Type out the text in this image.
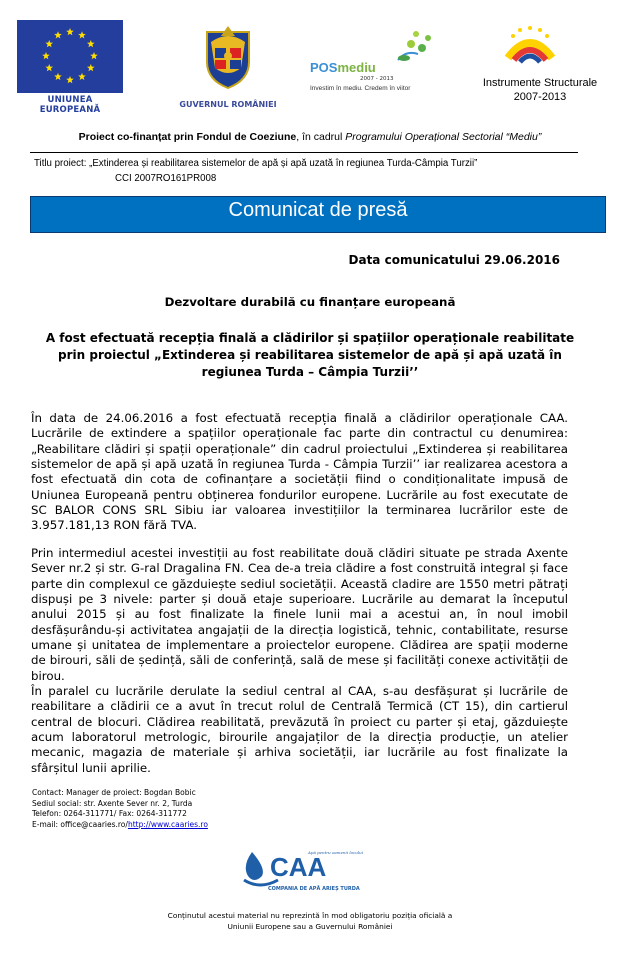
UNIUNEA EUROPEANĂ
GUVERNUL ROMÂNIEI
POSmediu
2007 - 2013
Investim în mediu. Credem în viitor	Instrumente Structurale
2007-2013
Proiect co-finanțat prin Fondul de Coeziune, în cadrul Programului Operațional Sectorial “Mediu”
Titlu proiect: „Extinderea și reabilitarea sistemelor de apă și apă uzată în regiunea Turda-Câmpia Turzii”
CCI 2007RO161PR008
Comunicat de presă
Data comunicatului 29.06.2016
Dezvoltare durabilă cu finanțare europeană
A fost efectuată recepția finală a clădirilor și spațiilor operaționale reabilitate prin proiectul „Extinderea și reabilitarea sistemelor de apă și apă uzată în regiunea Turda – Câmpia Turzii’’
În data de 24.06.2016 a fost efectuată recepția finală a clădirilor operaționale CAA. Lucrările de extindere a spațiilor operaționale fac parte din contractul cu denumirea: „Reabilitare clădiri și spații operaționale” din cadrul proiectului „Extinderea și reabilitarea sistemelor de apă și apă uzată în regiunea Turda - Câmpia Turzii’’ iar realizarea acestora a fost efectuată din cota de cofinanțare a societății fiind o condiționalitate impusă de Uniunea Europeană pentru obținerea fondurilor europene. Lucrările au fost executate de SC BALOR CONS SRL Sibiu iar valoarea investițiilor la terminarea lucrărilor este de 3.957.181,13 RON fără TVA.
Prin intermediul acestei investiții au fost reabilitate două clădiri situate pe strada Axente Sever nr.2 și str. G-ral Dragalina FN. Cea de-a treia clădire a fost construită integral și face parte din complexul ce găzduiește sediul societății. Această cladire are 1550 metri pătrați dispuși pe 3 nivele: parter și două etaje superioare. Lucrările au demarat la începutul anului 2015 și au fost finalizate la finele lunii mai a acestui an, în noul imobil desfășurându-și activitatea angajații de la direcția logistică, tehnic, contabilitate, resurse umane și unitatea de implementare a proiectelor europene. Clădirea are spații moderne de birouri, săli de ședință, săli de conferință, sală de mese și facilități conexe activității de birou.
În paralel cu lucrările derulate la sediul central al CAA, s-au desfășurat și lucrările de reabilitare a clădirii ce a avut în trecut rolul de Centrală Termică (CT 15), din cartierul central de blocuri. Clădirea reabilitată, prevăzută în proiect cu parter și etaj, găzduiește acum laboratorul metrologic, birourile angajaților de la direcția producție, un atelier mecanic, magazia de materiale și arhiva societății, iar lucrările au fost finalizate la sfârșitul lunii aprilie.
Contact: Manager de proiect: Bogdan Bobic
Sediul social: str. Axente Sever nr. 2, Turda
Telefon: 0264-311771/ Fax: 0264-311772
E-mail: office@caaries.ro/http://www.caaries.ro
CAA
COMPANIA DE APĂ ARIEȘ TURDA
Apă pentru oamenii locului
Conținutul acestui material nu reprezintă în mod obligatoriu poziția oficială a
Uniunii Europene sau a Guvernului României
